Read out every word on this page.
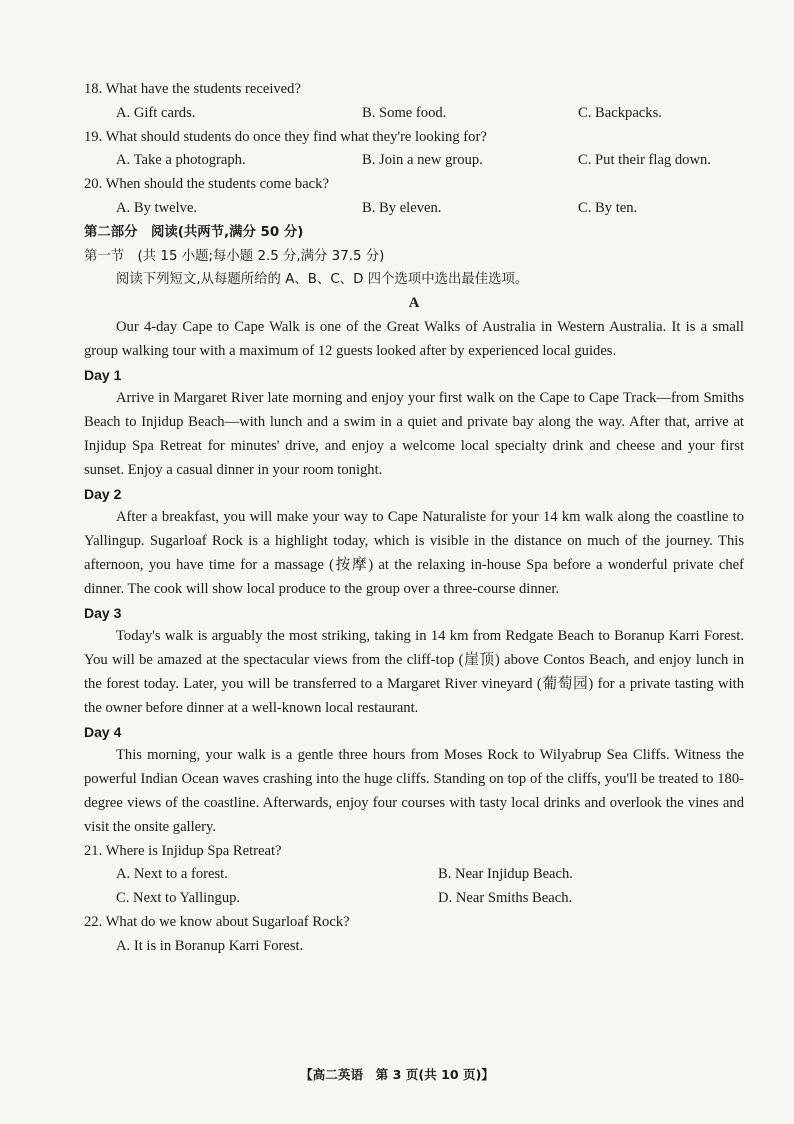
18. What have the students received?
A. Gift cards.	B. Some food.	C. Backpacks.
19. What should students do once they find what they're looking for?
A. Take a photograph.	B. Join a new group.	C. Put their flag down.
20. When should the students come back?
A. By twelve.	B. By eleven.	C. By ten.
第二部分　阅读(共两节,满分 50 分)
第一节　(共 15 小题;每小题 2.5 分,满分 37.5 分)
阅读下列短文,从每题所给的 A、B、C、D 四个选项中选出最佳选项。
A
Our 4-day Cape to Cape Walk is one of the Great Walks of Australia in Western Australia. It is a small group walking tour with a maximum of 12 guests looked after by experienced local guides.
Day 1
Arrive in Margaret River late morning and enjoy your first walk on the Cape to Cape Track—from Smiths Beach to Injidup Beach—with lunch and a swim in a quiet and private bay along the way. After that, arrive at Injidup Spa Retreat for minutes' drive, and enjoy a welcome local specialty drink and cheese and your first sunset. Enjoy a casual dinner in your room tonight.
Day 2
After a breakfast, you will make your way to Cape Naturaliste for your 14 km walk along the coastline to Yallingup. Sugarloaf Rock is a highlight today, which is visible in the distance on much of the journey. This afternoon, you have time for a massage (按摩) at the relaxing in-house Spa before a wonderful private chef dinner. The cook will show local produce to the group over a three-course dinner.
Day 3
Today's walk is arguably the most striking, taking in 14 km from Redgate Beach to Boranup Karri Forest. You will be amazed at the spectacular views from the cliff-top (崖顶) above Contos Beach, and enjoy lunch in the forest today. Later, you will be transferred to a Margaret River vineyard (葡萄园) for a private tasting with the owner before dinner at a well-known local restaurant.
Day 4
This morning, your walk is a gentle three hours from Moses Rock to Wilyabrup Sea Cliffs. Witness the powerful Indian Ocean waves crashing into the huge cliffs. Standing on top of the cliffs, you'll be treated to 180-degree views of the coastline. Afterwards, enjoy four courses with tasty local drinks and overlook the vines and visit the onsite gallery.
21. Where is Injidup Spa Retreat?
A. Next to a forest.	B. Near Injidup Beach.
C. Next to Yallingup.	D. Near Smiths Beach.
22. What do we know about Sugarloaf Rock?
A. It is in Boranup Karri Forest.
【高二英语　第 3 页(共 10 页)】
